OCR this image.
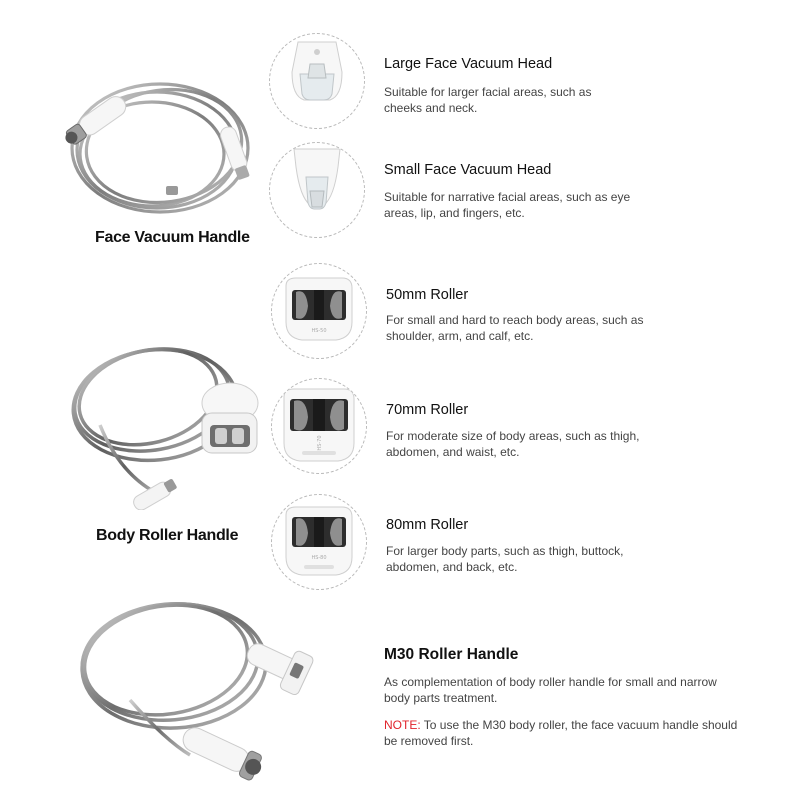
Face Vacuum Handle
Body Roller Handle
Large Face Vacuum Head
Suitable for larger facial areas, such as cheeks and neck.
Small Face Vacuum Head
Suitable for narrative facial areas, such as eye areas, lip, and fingers, etc.
HS-50
50mm Roller
For small and hard to reach body areas, such as shoulder, arm, and calf, etc.
HS-70
70mm Roller
For moderate size of body areas, such as thigh, abdomen, and waist, etc.
HS-80
80mm Roller
For larger body parts, such as thigh, buttock, abdomen, and back, etc.
M30 Roller Handle
As complementation of body roller handle for small and narrow body parts treatment.
NOTE: To use the M30 body roller, the face vacuum handle should be removed first.
